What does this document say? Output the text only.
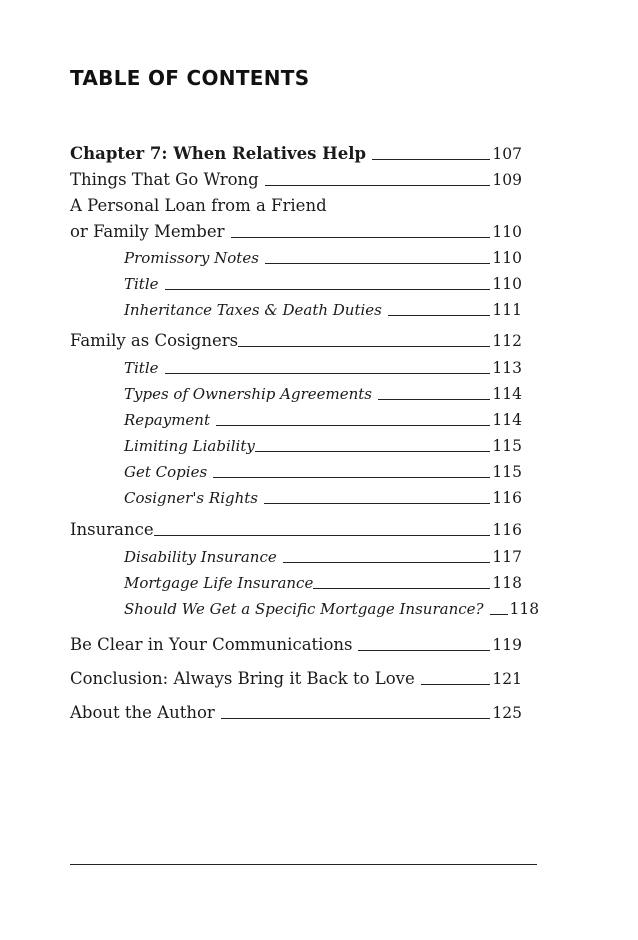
TABLE OF CONTENTS
Chapter 7: When Relatives Help	107
Things That Go Wrong	109
A Personal Loan from a Friend
or Family Member	110
Promissory Notes	110
Title	110
Inheritance Taxes & Death Duties	111
Family as Cosigners	112
Title	113
Types of Ownership Agreements	114
Repayment	114
Limiting Liability	115
Get Copies	115
Cosigner's Rights	116
Insurance	116
Disability Insurance	117
Mortgage Life Insurance	118
Should We Get a Specific Mortgage Insurance? 118
Be Clear in Your Communications	119
Conclusion: Always Bring it Back to Love	121
About the Author	125
